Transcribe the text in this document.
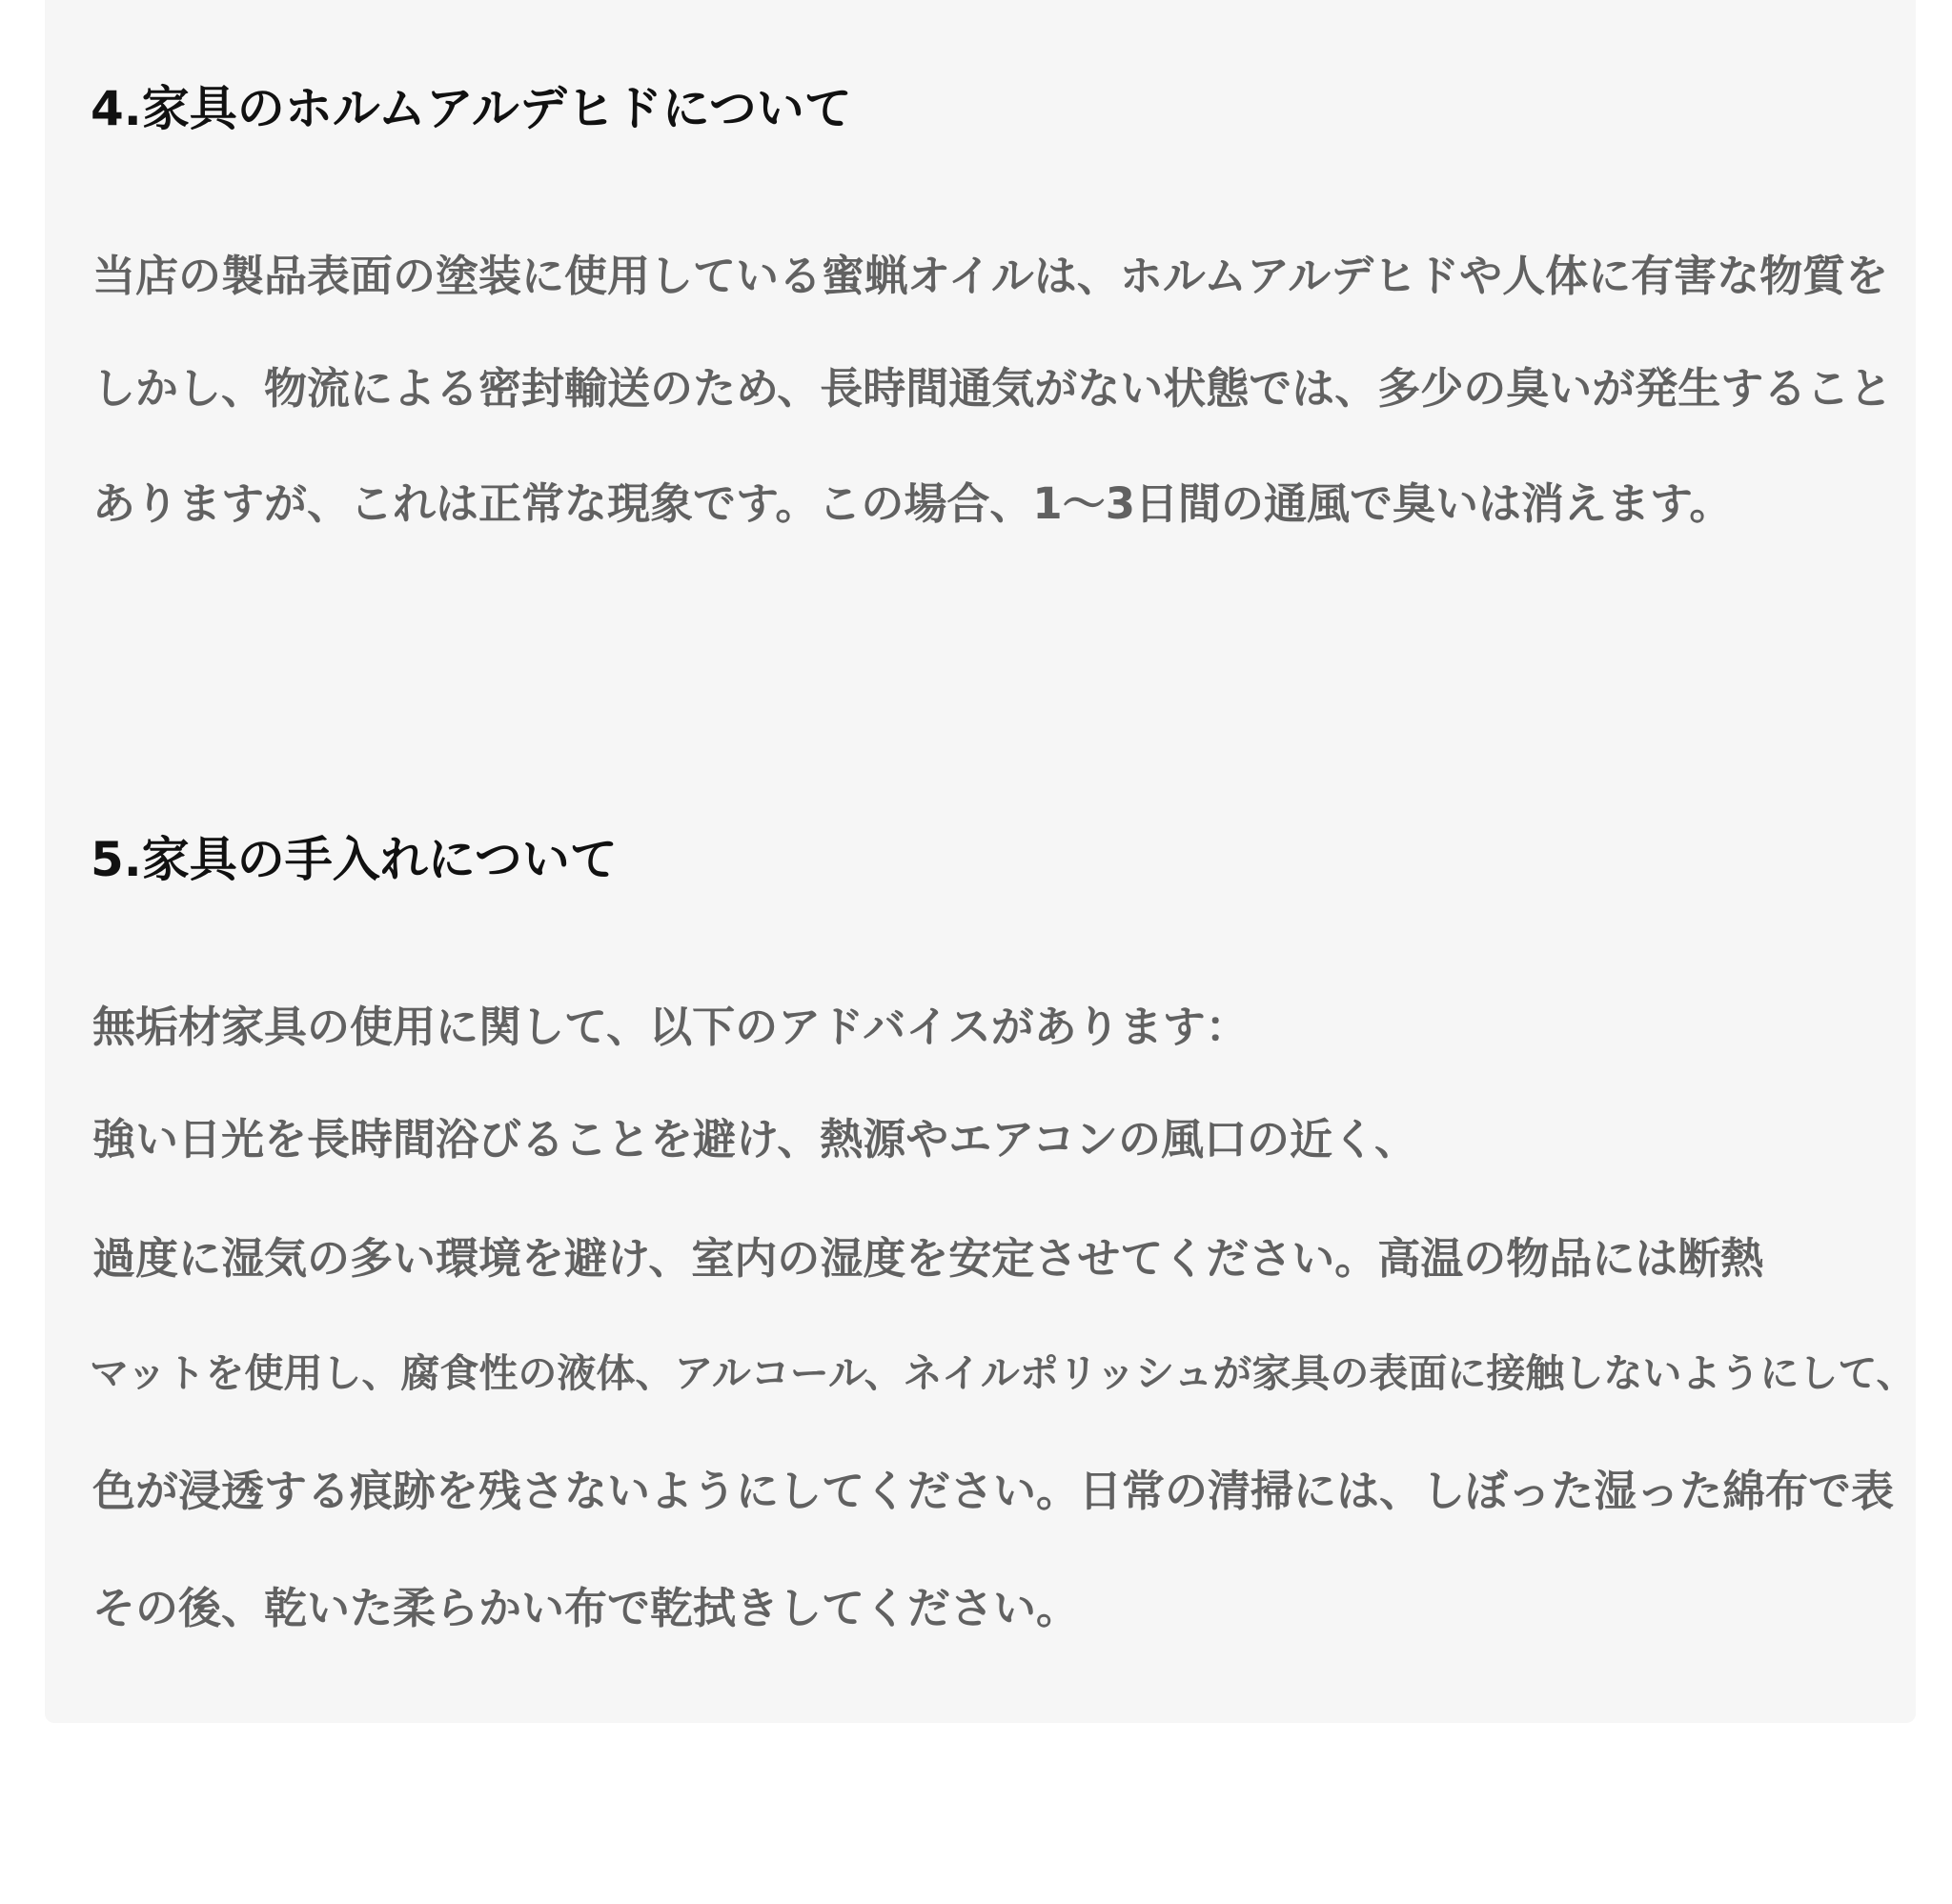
4.家具のホルムアルデヒドについて

当店の製品表面の塗装に使用している蜜蝋オイルは、ホルムアルデヒドや人体に有害な物質を

しかし、物流による密封輸送のため、長時間通気がない状態では、多少の臭いが発生すること

ありますが、これは正常な現象です。この場合、1〜3日間の通風で臭いは消えます。

5.家具の手入れについて

無垢材家具の使用に関して、以下のアドバイスがあります：

強い日光を長時間浴びることを避け、熱源やエアコンの風口の近く、

過度に湿気の多い環境を避け、室内の湿度を安定させてください。高温の物品には断熱

マットを使用し、腐食性の液体、アルコール、ネイルポリッシュが家具の表面に接触しないようにして、

色が浸透する痕跡を残さないようにしてください。日常の清掃には、しぼった湿った綿布で表

その後、乾いた柔らかい布で乾拭きしてください。
